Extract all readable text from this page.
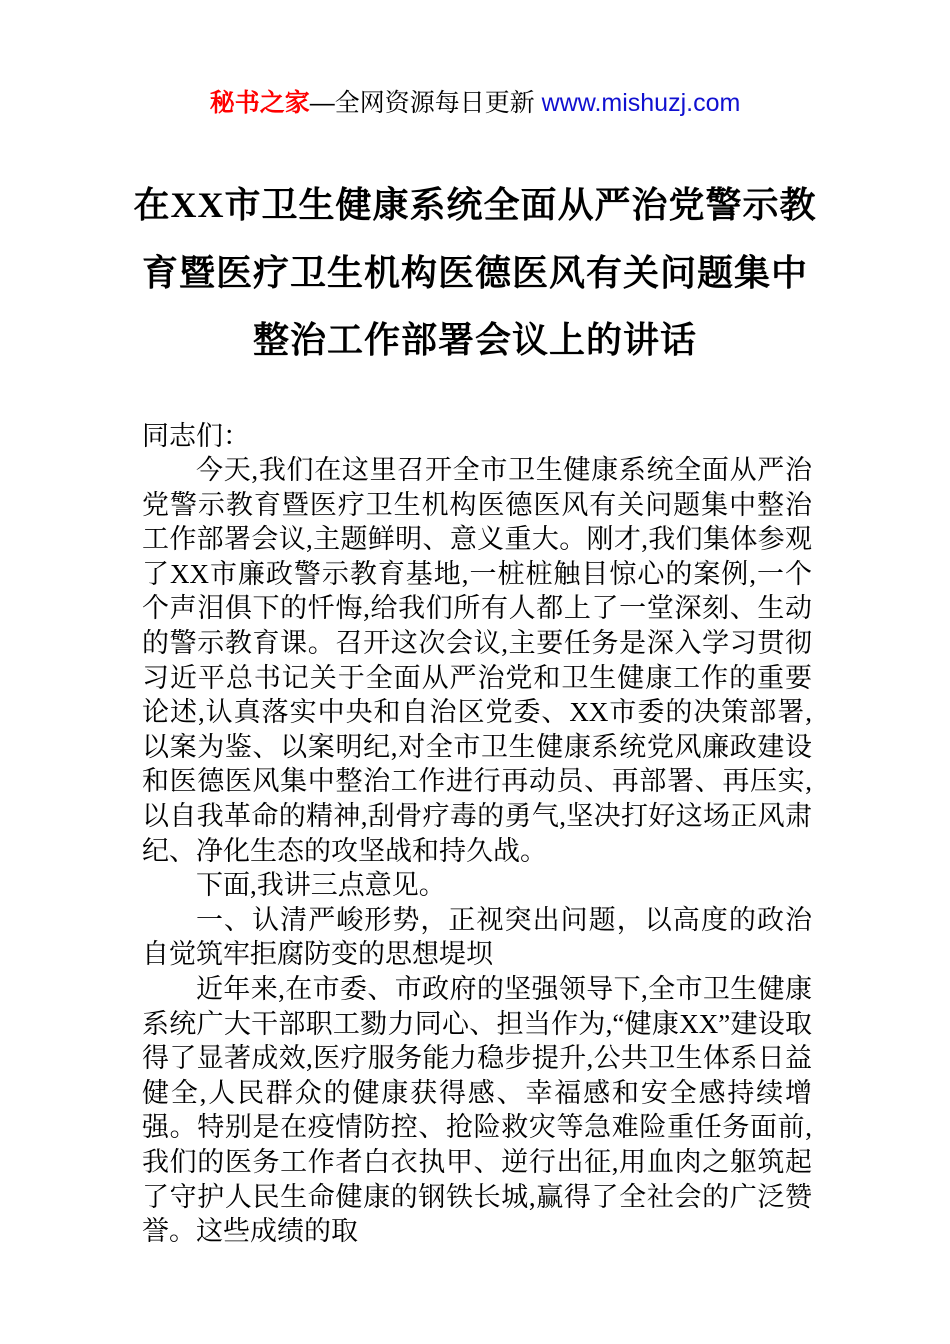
秘书之家—全网资源每日更新 www.mishuzj.com
在XX市卫生健康系统全面从严治党警示教
育暨医疗卫生机构医德医风有关问题集中
整治工作部署会议上的讲话

同志们：

今天,我们在这里召开全市卫生健康系统全面从严治党警示教育暨医疗卫生机构医德医风有关问题集中整治工作部署会议,主题鲜明、意义重大。刚才,我们集体参观了XX市廉政警示教育基地,一桩桩触目惊心的案例,一个个声泪俱下的忏悔,给我们所有人都上了一堂深刻、生动的警示教育课。召开这次会议,主要任务是深入学习贯彻习近平总书记关于全面从严治党和卫生健康工作的重要论述,认真落实中央和自治区党委、XX市委的决策部署,以案为鉴、以案明纪,对全市卫生健康系统党风廉政建设和医德医风集中整治工作进行再动员、再部署、再压实,以自我革命的精神,刮骨疗毒的勇气,坚决打好这场正风肃纪、净化生态的攻坚战和持久战。

下面,我讲三点意见。

一、认清严峻形势，正视突出问题，以高度的政治自觉筑牢拒腐防变的思想堤坝

近年来,在市委、市政府的坚强领导下,全市卫生健康系统广大干部职工勠力同心、担当作为,“健康XX”建设取得了显著成效,医疗服务能力稳步提升,公共卫生体系日益健全,人民群众的健康获得感、幸福感和安全感持续增强。特别是在疫情防控、抢险救灾等急难险重任务面前,我们的医务工作者白衣执甲、逆行出征,用血肉之躯筑起了守护人民生命健康的钢铁长城,赢得了全社会的广泛赞誉。这些成绩的取
